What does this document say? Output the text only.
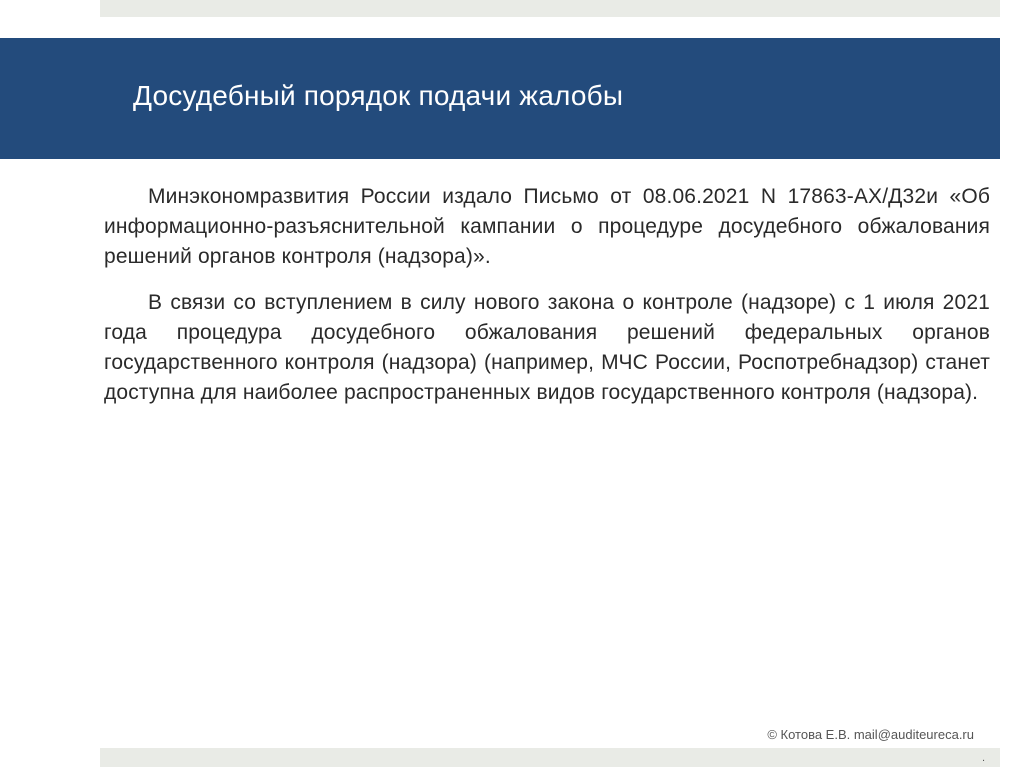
Досудебный порядок подачи жалобы

Минэкономразвития России издало Письмо от 08.06.2021 N 17863-АХ/Д32и «Об информационно-разъяснительной кампании о процедуре досудебного обжалования решений органов контроля (надзора)».

В связи со вступлением в силу нового закона о контроле (надзоре) с 1 июля 2021 года процедура досудебного обжалования решений федеральных органов государственного контроля (надзора) (например, МЧС России, Роспотребнадзор) станет доступна для наиболее распространенных видов государственного контроля (надзора).

© Котова Е.В. mail@auditeureca.ru
.
